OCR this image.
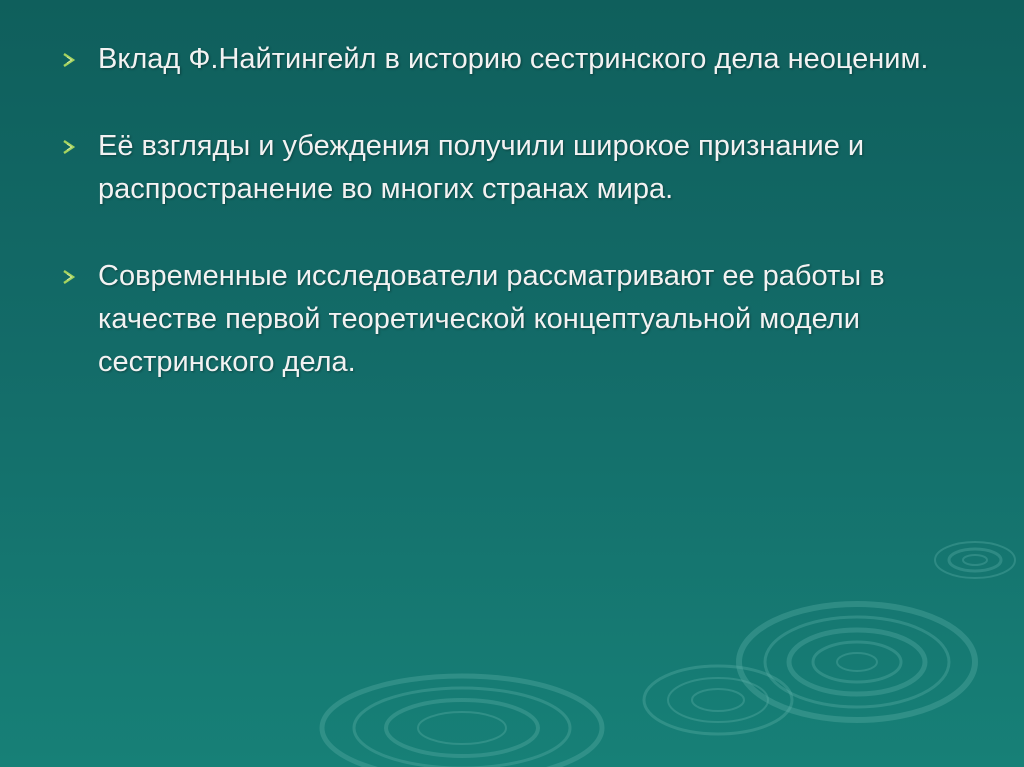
Вклад Ф.Найтингейл в историю сестринского дела неоценим.
Её взгляды и убеждения получили широкое признание и распространение во многих странах мира.
Современные исследователи рассматривают ее работы в качестве первой теоретической концептуальной модели сестринского дела.
